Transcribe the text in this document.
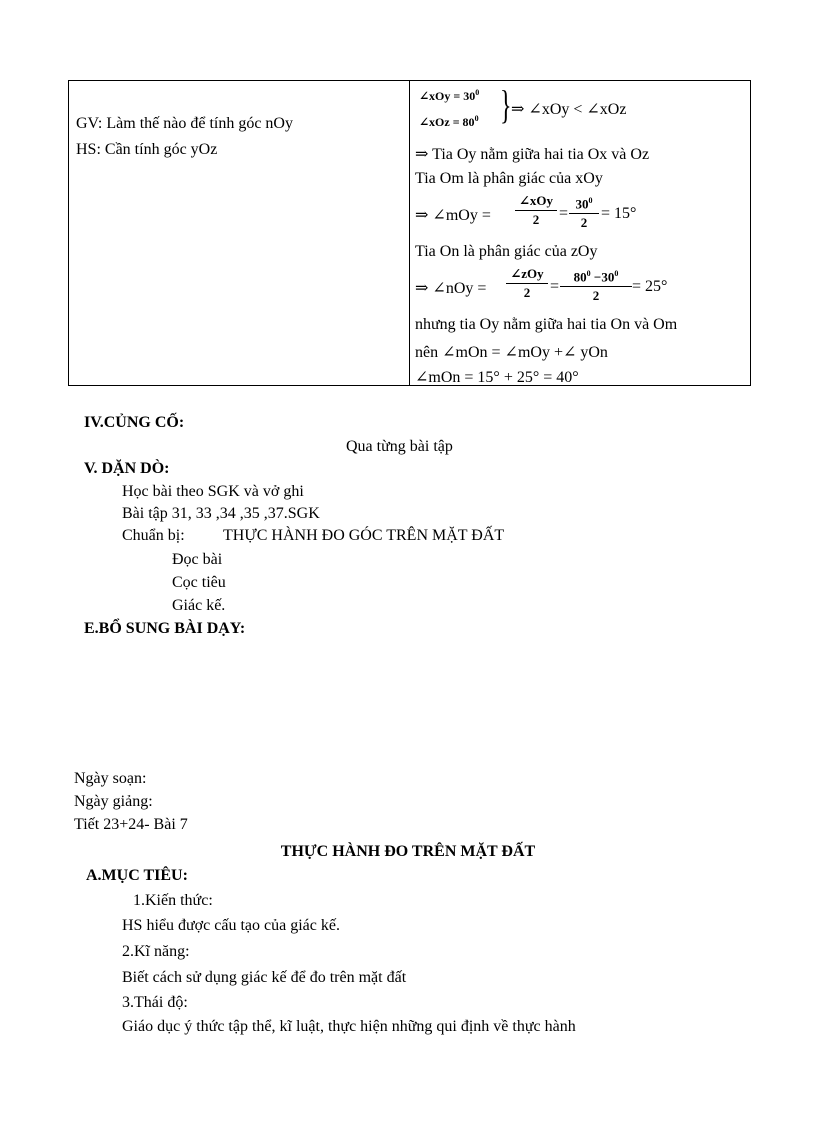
GV: Làm thế nào để tính góc nOy
HS: Cần tính góc yOz
∠xOy = $30^0$
∠xOz = $80^0$ } ⇒ ∠xOy < ∠xOz
⇒ Tia Oy nằm giữa hai tia Ox và Oz
Tia Om là phân giác của xOy
⇒ ∠mOy =
∠xOy
2	=
$30^0$
2
= 15°
Tia On là phân giác của zOy
⇒ ∠nOy =
∠zOy
2	=
$80^0 -30^0$
2
= 25°
nhưng tia Oy nằm giữa hai tia On và Om
nên ∠mOn = ∠mOy +∠ yOn
∠mOn = 15° + 25° = 40°
IV.CỦNG CỐ:
Qua từng bài tập
V. DẶN DÒ:
Học bài theo SGK và vở ghi
Bài tập 31, 33 ,34 ,35 ,37.SGK
Chuẩn bị: THỰC HÀNH ĐO GÓC TRÊN MẶT ĐẤT
Đọc bài
Cọc tiêu
Giác kế.
E.BỔ SUNG BÀI DẠY:
Ngày soạn:
Ngày giảng:
Tiết 23+24- Bài 7
THỰC HÀNH ĐO TRÊN MẶT ĐẤT
A.MỤC TIÊU:
1.Kiến thức:
HS hiểu được cấu tạo của giác kế.
2.Kĩ năng:
Biết cách sử dụng giác kế để đo trên mặt đất
3.Thái độ:
Giáo dục ý thức tập thể, kĩ luật, thực hiện những qui định về thực hành
